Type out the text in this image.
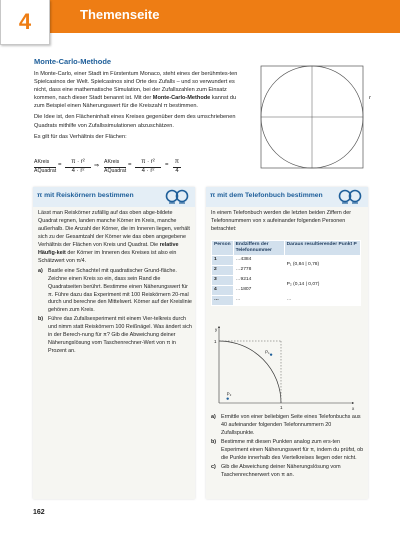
4	Themenseite
Monte-Carlo-Methode

In Monte-Carlo, einer Stadt im Fürstentum Monaco, steht eines der berühmtes-ten Spielcasinos der Welt. Spielcasinos sind Orte des Zufalls – und so verwundert es nicht, dass eine mathematische Simulation, bei der Zufallszahlen zum Einsatz kommen, nach dieser Stadt benannt ist. Mit der Monte-Carlo-Methode kannst du zum Beispiel einen Näherungswert für die Kreiszahl π bestimmen.

Die Idee ist, den Flächeninhalt eines Kreises gegenüber dem des umschriebenen Quadrats mithilfe von Zufallssimulationen abzuschätzen.

Es gilt für das Verhältnis der Flächen:

AKreis
AQuadrat
=	π · r²
4 · r²
⇒
AKreis
AQuadrat
=	π · r²
4 · r²
=	π
4
r
π mit Reiskörnern bestimmen

Lässt man Reiskörner zufällig auf das oben abge-bildete Quadrat regnen, landen manche Körner im Kreis, manche außerhalb. Die Anzahl der Körner, die im Inneren liegen, verhält sich zu der Gesamtzahl der Körner wie das oben angegebene Verhältnis der Flächen von Kreis und Quadrat. Die relative Häufig-keit der Körner im Inneren des Kreises ist also ein Schätzwert von π/4.

a) Bastle eine Schachtel mit quadratischer Grund-fläche. Zeichne einen Kreis so ein, dass sein Rand die Quadratseiten berührt. Bestimme einen Näherungswert für π. Führe dazu das Experiment mit 100 Reiskörnern 20-mal durch und berechne den Mittelwert. Körner auf der Kreislinie gehören zum Kreis.
b) Führe das Zufallsexperiment mit einem Vier-telkreis durch und nimm statt Reiskörnern 100 Reißnägel. Was ändert sich in der Berech-nung für π? Gib die Abweichung deiner Näherungslösung vom Taschenrechner-Wert von π in Prozent an.
π mit dem Telefonbuch bestimmen
In einem Telefonbuch werden die letzten beiden Ziffern der Telefonnummern von x aufeinander folgenden Personen betrachtet:
Person	Endziffern der Telefonnummer	Daraus resultierender Punkt P
1	…4384	P₁ (0,84 | 0,78)
2	…2778	
3	…9214	P₂ (0,14 | 0,07)
4	…1807	
…	…	…
P₁
P₂
y
x
1
1
a) Ermittle von einer beliebigen Seite eines Telefonbuchs aus 40 aufeinander folgenden Telefonnummern 20 Zufallspunkte.
b) Bestimme mit diesen Punkten analog zum ers-ten Experiment einen Näherungswert für π, indem du prüfst, ob die Punkte innerhalb des Viertelkreises liegen oder nicht.
c) Gib die Abweichung deiner Näherungslösung vom Taschenrechnerwert von π an.
162
